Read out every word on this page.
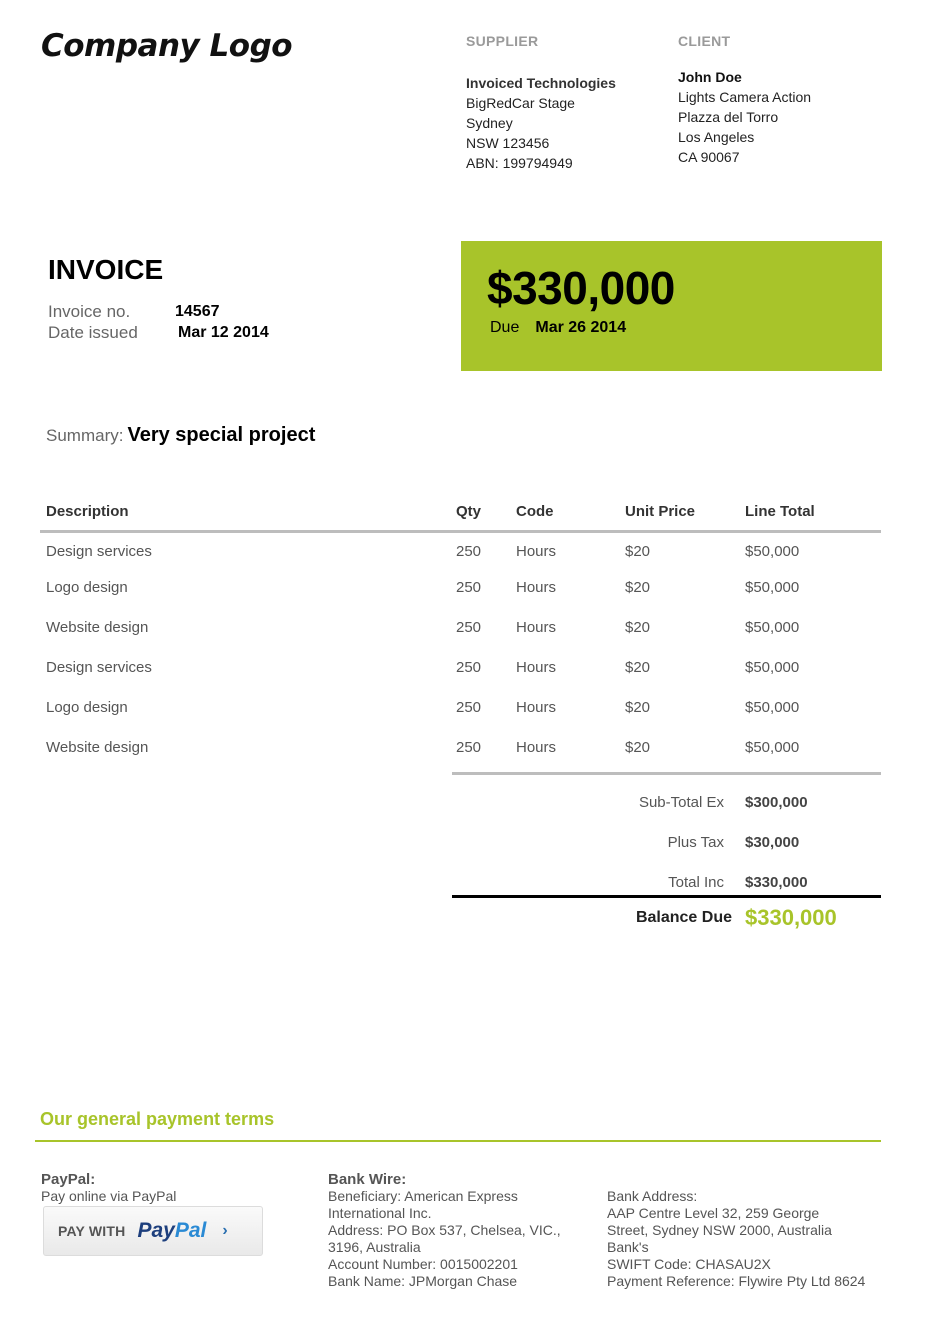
Company Logo	SUPPLIER
Invoiced Technologies
BigRedCar Stage
Sydney
NSW 123456
ABN: 199794949
CLIENT
John Doe
Lights Camera Action
Plazza del Torro
Los Angeles
CA 90067
INVOICE
Invoice no.	14567
Date issued	Mar 12 2014
$330,000
Due Mar 26 2014
Summary: Very special project
Description	Qty	Code	Unit Price	Line Total
Design services	250	Hours	$20	$50,000
Logo design	250	Hours	$20	$50,000
Website design	250	Hours	$20	$50,000
Design services	250	Hours	$20	$50,000
Logo design	250	Hours	$20	$50,000
Website design	250	Hours	$20	$50,000
Sub-Total Ex $300,000
Plus Tax $30,000
Total Inc $330,000
Balance Due $330,000
Our general payment terms
PayPal:
Pay online via PayPal
PAY WITH PayPal ›
Bank Wire:
Beneficiary: American Express
International Inc.
Address: PO Box 537, Chelsea, VIC.,
3196, Australia
Account Number: 0015002201
Bank Name: JPMorgan Chase
Bank Address:
AAP Centre Level 32, 259 George
Street, Sydney NSW 2000, Australia
Bank's
SWIFT Code: CHASAU2X
Payment Reference: Flywire Pty Ltd 8624
